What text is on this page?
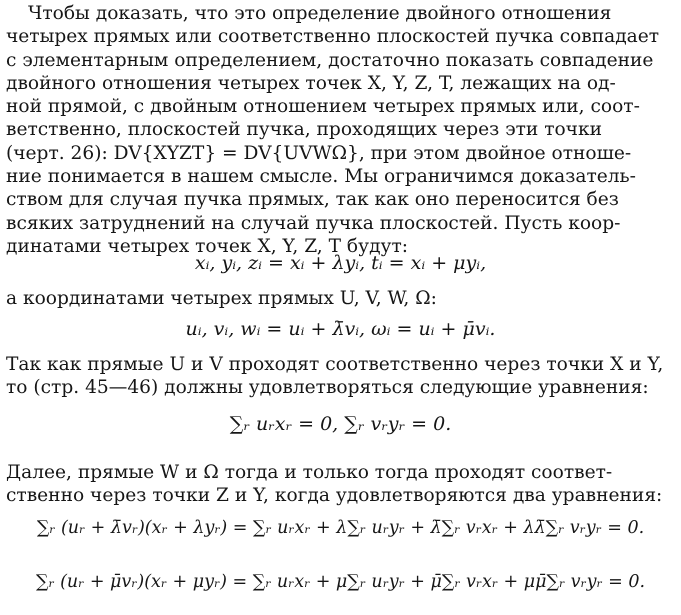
Чтобы доказать, что это определение двойного отношения
четырех прямых или соответственно плоскостей пучка совпадает
с элементарным определением, достаточно показать совпадение
двойного отношения четырех точек X, Y, Z, T, лежащих на од-
ной прямой, с двойным отношением четырех прямых или, соот-
ветственно, плоскостей пучка, проходящих через эти точки
(черт. 26): DV{XYZT} = DV{UVWΩ}, при этом двойное отноше-
ние понимается в нашем смысле. Мы ограничимся доказатель-
ством для случая пучка прямых, так как оно переносится без
всяких затруднений на случай пучка плоскостей. Пусть коор-
динатами четырех точек X, Y, Z, T будут:
xᵢ, yᵢ, zᵢ = xᵢ + λyᵢ, tᵢ = xᵢ + μyᵢ,
а координатами четырех прямых U, V, W, Ω:
uᵢ, vᵢ, wᵢ = uᵢ + λ̄vᵢ, ωᵢ = uᵢ + μ̄vᵢ.
Так как прямые U и V проходят соответственно через точки X и Y,
то (стр. 45—46) должны удовлетворяться следующие уравнения:
∑ᵣ uᵣxᵣ = 0, ∑ᵣ vᵣyᵣ = 0.
Далее, прямые W и Ω тогда и только тогда проходят соответ-
ственно через точки Z и Y, когда удовлетворяются два уравнения:
∑ᵣ (uᵣ + λ̄vᵣ)(xᵣ + λyᵣ) = ∑ᵣ uᵣxᵣ + λ∑ᵣ uᵣyᵣ + λ̄∑ᵣ vᵣxᵣ + λλ̄∑ᵣ vᵣyᵣ = 0.
∑ᵣ (uᵣ + μ̄vᵣ)(xᵣ + μyᵣ) = ∑ᵣ uᵣxᵣ + μ∑ᵣ uᵣyᵣ + μ̄∑ᵣ vᵣxᵣ + μμ̄∑ᵣ vᵣyᵣ = 0.
